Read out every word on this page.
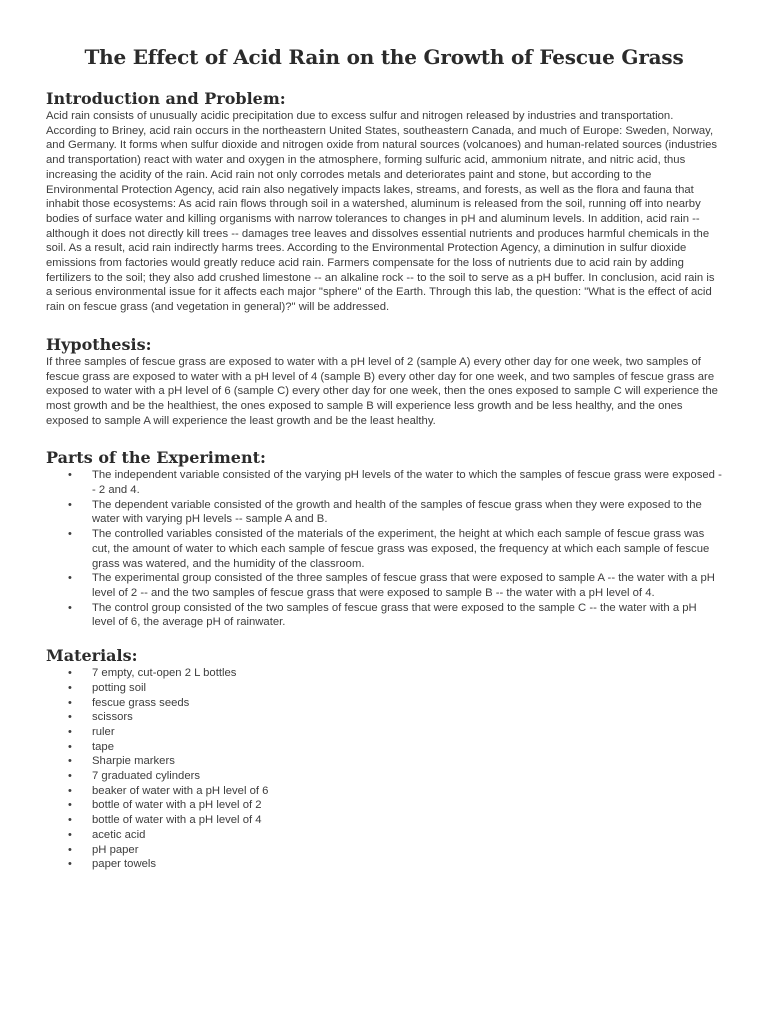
The Effect of Acid Rain on the Growth of Fescue Grass
Introduction and Problem:

Acid rain consists of unusually acidic precipitation due to excess sulfur and nitrogen released by industries and transportation. According to Briney, acid rain occurs in the northeastern United States, southeastern Canada, and much of Europe: Sweden, Norway, and Germany. It forms when sulfur dioxide and nitrogen oxide from natural sources (volcanoes) and human-related sources (industries and transportation) react with water and oxygen in the atmosphere, forming sulfuric acid, ammonium nitrate, and nitric acid, thus increasing the acidity of the rain. Acid rain not only corrodes metals and deteriorates paint and stone, but according to the Environmental Protection Agency, acid rain also negatively impacts lakes, streams, and forests, as well as the flora and fauna that inhabit those ecosystems: As acid rain flows through soil in a watershed, aluminum is released from the soil, running off into nearby bodies of surface water and killing organisms with narrow tolerances to changes in pH and aluminum levels. In addition, acid rain -- although it does not directly kill trees -- damages tree leaves and dissolves essential nutrients and produces harmful chemicals in the soil. As a result, acid rain indirectly harms trees. According to the Environmental Protection Agency, a diminution in sulfur dioxide emissions from factories would greatly reduce acid rain. Farmers compensate for the loss of nutrients due to acid rain by adding fertilizers to the soil; they also add crushed limestone -- an alkaline rock -- to the soil to serve as a pH buffer. In conclusion, acid rain is a serious environmental issue for it affects each major "sphere" of the Earth. Through this lab, the question: "What is the effect of acid rain on fescue grass (and vegetation in general)?" will be addressed.

Hypothesis:

If three samples of fescue grass are exposed to water with a pH level of 2 (sample A) every other day for one week, two samples of fescue grass are exposed to water with a pH level of 4 (sample B) every other day for one week, and two samples of fescue grass are exposed to water with a pH level of 6 (sample C) every other day for one week, then the ones exposed to sample C will experience the most growth and be the healthiest, the ones exposed to sample B will experience less growth and be less healthy, and the ones exposed to sample A will experience the least growth and be the least healthy.

Parts of the Experiment:
• The independent variable consisted of the varying pH levels of the water to which the samples of fescue grass were exposed -- 2 and 4.
• The dependent variable consisted of the growth and health of the samples of fescue grass when they were exposed to the water with varying pH levels -- sample A and B.
• The controlled variables consisted of the materials of the experiment, the height at which each sample of fescue grass was cut, the amount of water to which each sample of fescue grass was exposed, the frequency at which each sample of fescue grass was watered, and the humidity of the classroom.
• The experimental group consisted of the three samples of fescue grass that were exposed to sample A -- the water with a pH level of 2 -- and the two samples of fescue grass that were exposed to sample B -- the water with a pH level of 4.
• The control group consisted of the two samples of fescue grass that were exposed to the sample C -- the water with a pH level of 6, the average pH of rainwater.
Materials:
• 7 empty, cut-open 2 L bottles
• potting soil
• fescue grass seeds
• scissors
• ruler
• tape
• Sharpie markers
• 7 graduated cylinders
• beaker of water with a pH level of 6
• bottle of water with a pH level of 2
• bottle of water with a pH level of 4
• acetic acid
• pH paper
• paper towels
